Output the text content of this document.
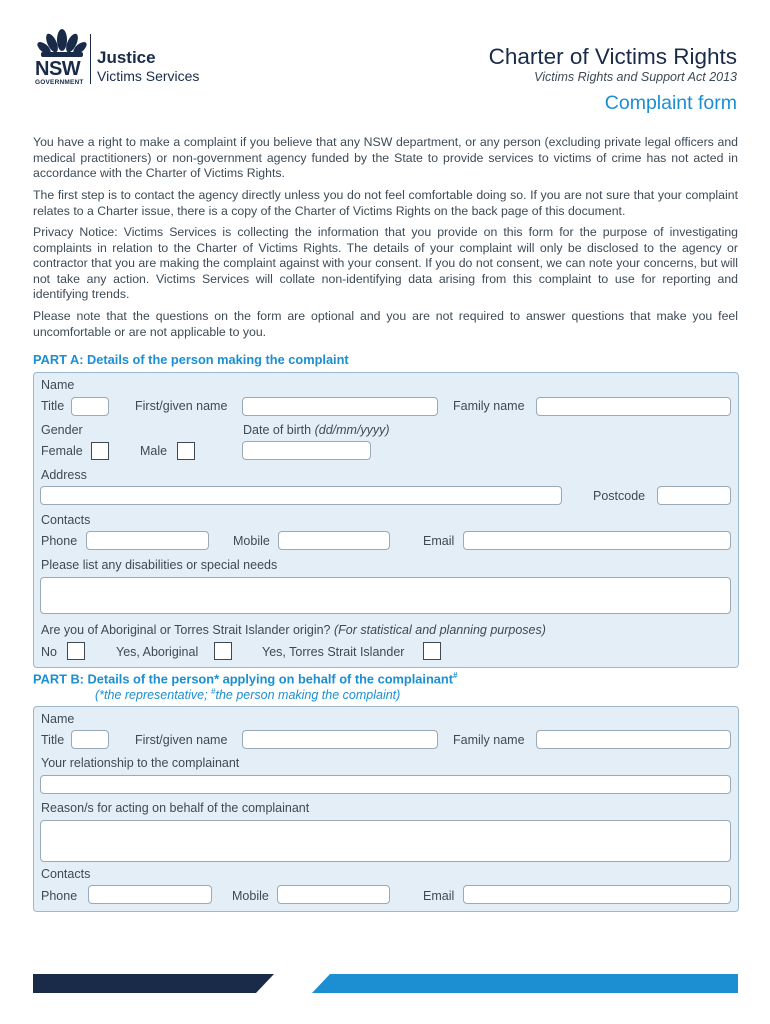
NSW
GOVERNMENT
Justice
Victims Services
Charter of Victims Rights
Victims Rights and Support Act 2013
Complaint form
You have a right to make a complaint if you believe that any NSW department, or any person (excluding private legal officers and medical practitioners) or non-government agency funded by the State to provide services to victims of crime has not acted in accordance with the Charter of Victims Rights.
The first step is to contact the agency directly unless you do not feel comfortable doing so. If you are not sure that your complaint relates to a Charter issue, there is a copy of the Charter of Victims Rights on the back page of this document.
Privacy Notice: Victims Services is collecting the information that you provide on this form for the purpose of investigating complaints in relation to the Charter of Victims Rights. The details of your complaint will only be disclosed to the agency or contractor that you are making the complaint against with your consent. If you do not consent, we can note your concerns, but will not take any action. Victims Services will collate non-identifying data arising from this complaint to use for reporting and identifying trends.
Please note that the questions on the form are optional and you are not required to answer questions that make you feel uncomfortable or are not applicable to you.
PART A: Details of the person making the complaint
Name
Title	First/given name	Family name
Gender	Date of birth (dd/mm/yyyy)
Female	Male
Address
Postcode
Contacts
Phone	Mobile	Email
Please list any disabilities or special needs
Are you of Aboriginal or Torres Strait Islander origin? (For statistical and planning purposes)
No	Yes, Aboriginal	Yes, Torres Strait Islander
PART B: Details of the person* applying on behalf of the complainant#
(*the representative; #the person making the complaint)
Name
Title	First/given name	Family name
Your relationship to the complainant
Reason/s for acting on behalf of the complainant
Contacts
Phone	Mobile	Email
